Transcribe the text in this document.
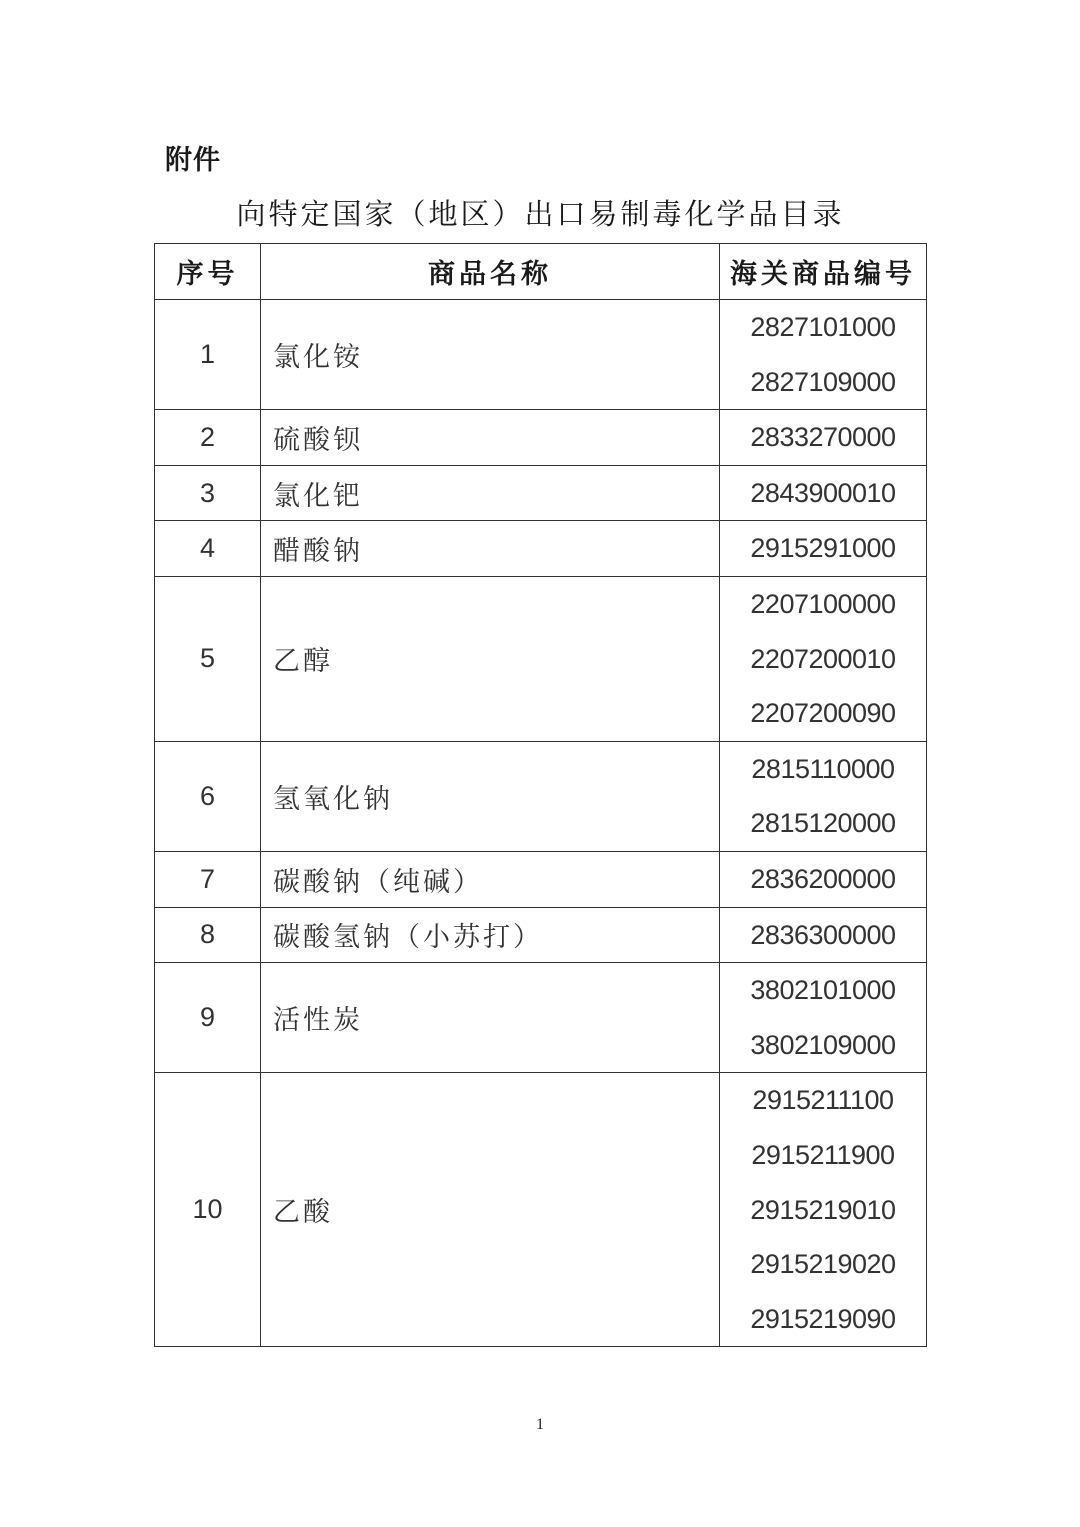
附件
向特定国家（地区）出口易制毒化学品目录
序号	商品名称	海关商品编号
1	氯化铵	2827101000
2827109000

2	硫酸钡	2833270000

3	氯化钯	2843900010

4	醋酸钠	2915291000

5	乙醇	2207100000
2207200010
2207200090

6	氢氧化钠	2815110000
2815120000

7	碳酸钠（纯碱）	2836200000

8	碳酸氢钠（小苏打）	2836300000

9	活性炭	3802101000
3802109000

10	乙酸	2915211100
2915211900
2915219010
2915219020
2915219090
1
